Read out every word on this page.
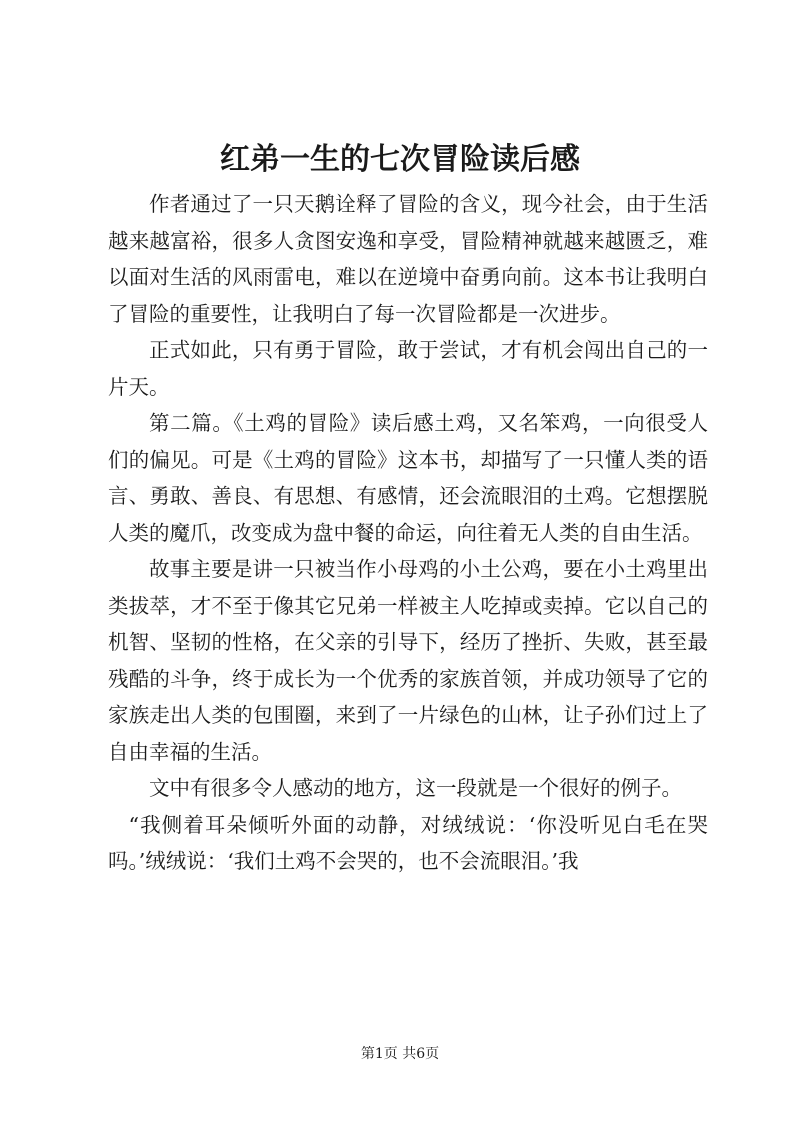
红弟一生的七次冒险读后感

作者通过了一只天鹅诠释了冒险的含义，现今社会，由于生活越来越富裕，很多人贪图安逸和享受，冒险精神就越来越匮乏，难以面对生活的风雨雷电，难以在逆境中奋勇向前。这本书让我明白了冒险的重要性，让我明白了每一次冒险都是一次进步。

正式如此，只有勇于冒险，敢于尝试，才有机会闯出自己的一片天。

第二篇。《土鸡的冒险》读后感土鸡，又名笨鸡，一向很受人们的偏见。可是《土鸡的冒险》这本书，却描写了一只懂人类的语言、勇敢、善良、有思想、有感情，还会流眼泪的土鸡。它想摆脱人类的魔爪，改变成为盘中餐的命运，向往着无人类的自由生活。

故事主要是讲一只被当作小母鸡的小土公鸡，要在小土鸡里出类拔萃，才不至于像其它兄弟一样被主人吃掉或卖掉。它以自己的机智、坚韧的性格，在父亲的引导下，经历了挫折、失败，甚至最残酷的斗争，终于成长为一个优秀的家族首领，并成功领导了它的家族走出人类的包围圈，来到了一片绿色的山林，让子孙们过上了自由幸福的生活。

文中有很多令人感动的地方，这一段就是一个很好的例子。

“我侧着耳朵倾听外面的动静，对绒绒说：‘你没听见白毛在哭吗。’绒绒说：‘我们土鸡不会哭的，也不会流眼泪。’我

第1页 共6页
